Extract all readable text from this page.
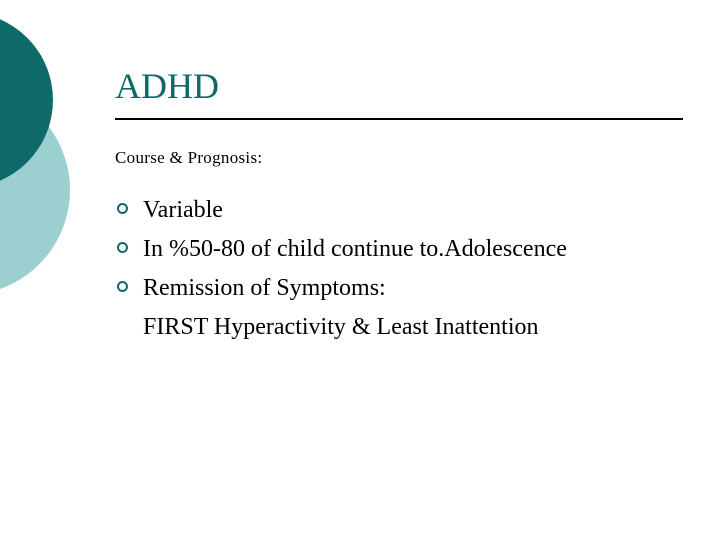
ADHD
Course & Prognosis:
Variable
In %50-80 of child continue to.Adolescence
Remission of Symptoms:
FIRST Hyperactivity & Least Inattention
